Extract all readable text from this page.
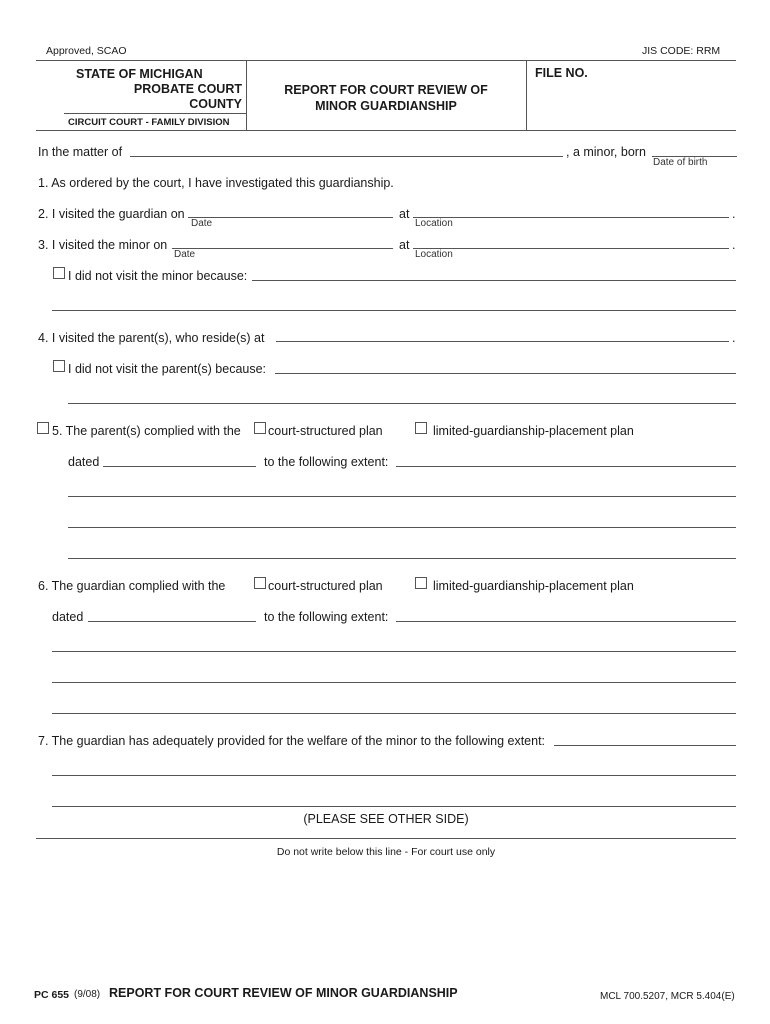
Approved, SCAO	JIS CODE: RRM
STATE OF MICHIGAN
PROBATE COURT
COUNTY
CIRCUIT COURT - FAMILY DIVISION
REPORT FOR COURT REVIEW OF
MINOR GUARDIANSHIP
FILE NO.
In the matter of	, a minor, born
Date of birth
1. As ordered by the court, I have investigated this guardianship.
2. I visited the guardian on
Date
at
Location
.
3. I visited the minor on
Date
at
Location
.
I did not visit the minor because:
4. I visited the parent(s), who reside(s) at	.
I did not visit the parent(s) because:
5. The parent(s) complied with the court-structured plan	limited-guardianship-placement plan
dated	to the following extent:
6. The guardian complied with the	court-structured plan	limited-guardianship-placement plan
dated	to the following extent:
7. The guardian has adequately provided for the welfare of the minor to the following extent:
(PLEASE SEE OTHER SIDE)
Do not write below this line - For court use only
PC 655 (9/08) REPORT FOR COURT REVIEW OF MINOR GUARDIANSHIP	MCL 700.5207, MCR 5.404(E)
